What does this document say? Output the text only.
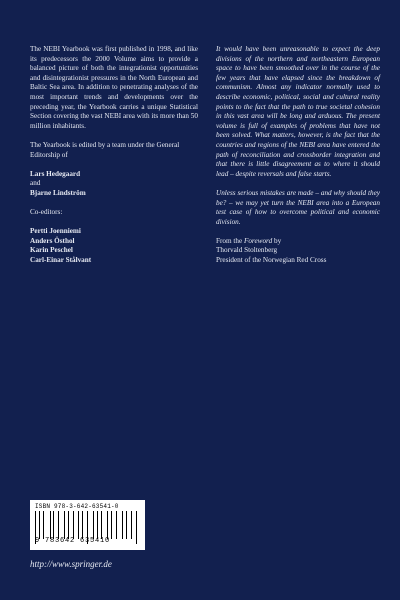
The NEBI Yearbook was first published in 1998, and like its predecessors the 2000 Volume aims to provide a balanced picture of both the integrationist opportunities and disintegrationist pressures in the North European and Baltic Sea area. In addition to penetrating analyses of the most important trends and developments over the preceding year, the Yearbook carries a unique Statistical Section covering the vast NEBI area with its more than 50 million inhabitants.

The Yearbook is edited by a team under the General Editorship of

Lars Hedegaard
and
Bjarne Lindström

Co-editors:

Pertti Joenniemi
Anders Östhol
Karin Peschel
Carl-Einar Stålvant

It would have been unreasonable to expect the deep divisions of the northern and northeastern European space to have been smoothed over in the course of the few years that have elapsed since the breakdown of communism. Almost any indicator normally used to describe economic, political, social and cultural reality points to the fact that the path to true societal cohesion in this vast area will be long and arduous. The present volume is full of examples of problems that have not been solved. What matters, however, is the fact that the countries and regions of the NEBI area have entered the path of reconciliation and crossborder integration and that there is little disagreement as to where it should lead – despite reversals and false starts.

Unless serious mistakes are made – and why should they be? – we may yet turn the NEBI area into a European test case of how to overcome political and economic division.

From the Foreword by

Thorvald Stoltenberg

President of the Norwegian Red Cross

ISBN 978-3-642-63541-0
9 783642 635410
http://www.springer.de
